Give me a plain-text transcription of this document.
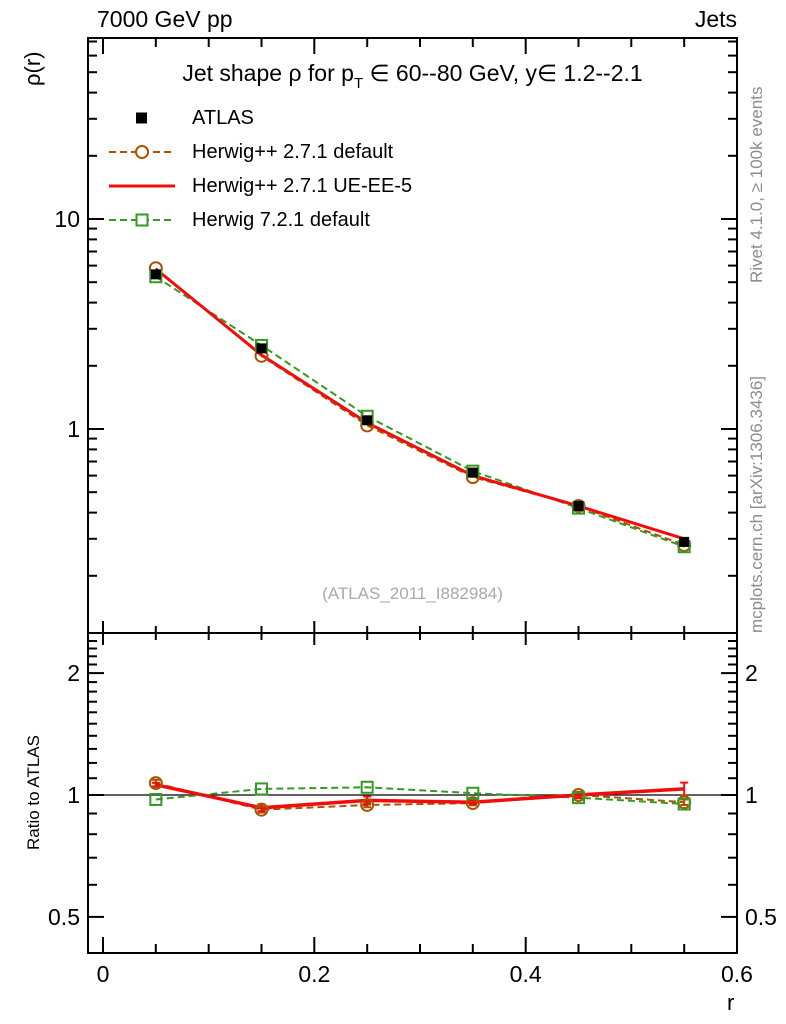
0	0.2	0.4	0.6
10
1
2	2
1	1
0.5	0.5
7000 GeV pp	Jets
Jet shape ρ for $p_T$ ∈ 60--80 GeV, y∈ 1.2--2.1
ATLAS
Herwig++ 2.7.1 default
Herwig++ 2.7.1 UE-EE-5
Herwig 7.2.1 default
ρ(r)
Ratio to ATLAS
Rivet 4.1.0, ≥ 100k events
mcplots.cern.ch [arXiv:1306.3436]
(ATLAS_2011_I882984)
r
